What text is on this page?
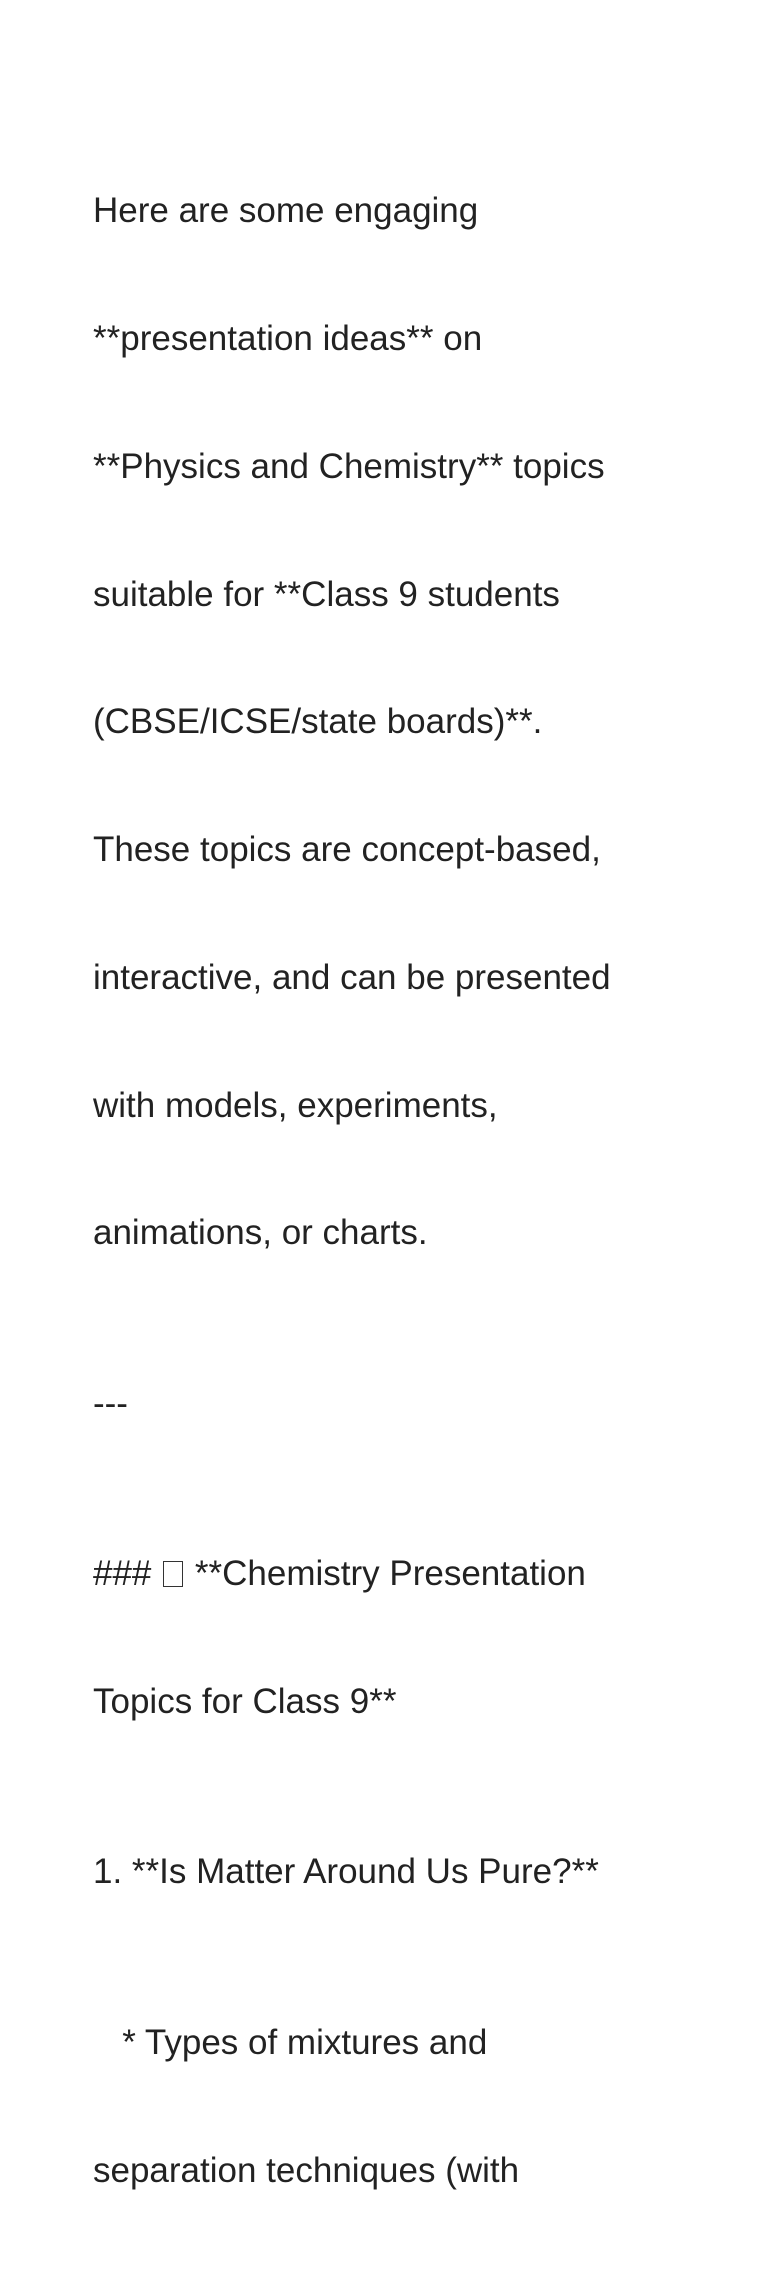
Here are some engaging

**presentation ideas** on

**Physics and Chemistry** topics

suitable for **Class 9 students

(CBSE/ICSE/state boards)**.

These topics are concept-based,

interactive, and can be presented

with models, experiments,

animations, or charts.

---

### **Chemistry Presentation

Topics for Class 9**

1. **Is Matter Around Us Pure?**

* Types of mixtures and

separation techniques (with
